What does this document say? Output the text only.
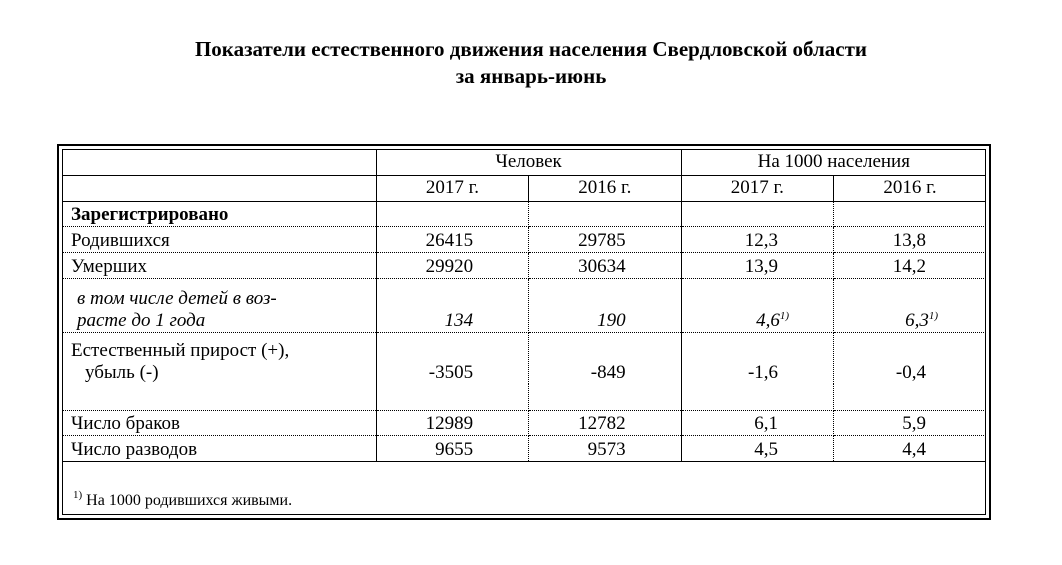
Показатели естественного движения населения Свердловской области
за январь-июнь
	Человек		На 1000 населения	
	2017 г.	2016 г.	2017 г.	2016 г.
Зарегистрировано				
Родившихся	26415	29785	12,3	13,8
Умерших	29920	30634	13,9	14,2

в том числе детей в воз-
расте до 1 года	134	190	4,6$^{1)}$	6,3$^{1)}$

Естественный прирост (+),
убыль (-)	-3505	-849	-1,6	-0,4

Число браков	12989	12782	6,1	5,9
Число разводов	9655	9573	4,5	4,4
$^{1)}$ На 1000 родившихся живыми.
